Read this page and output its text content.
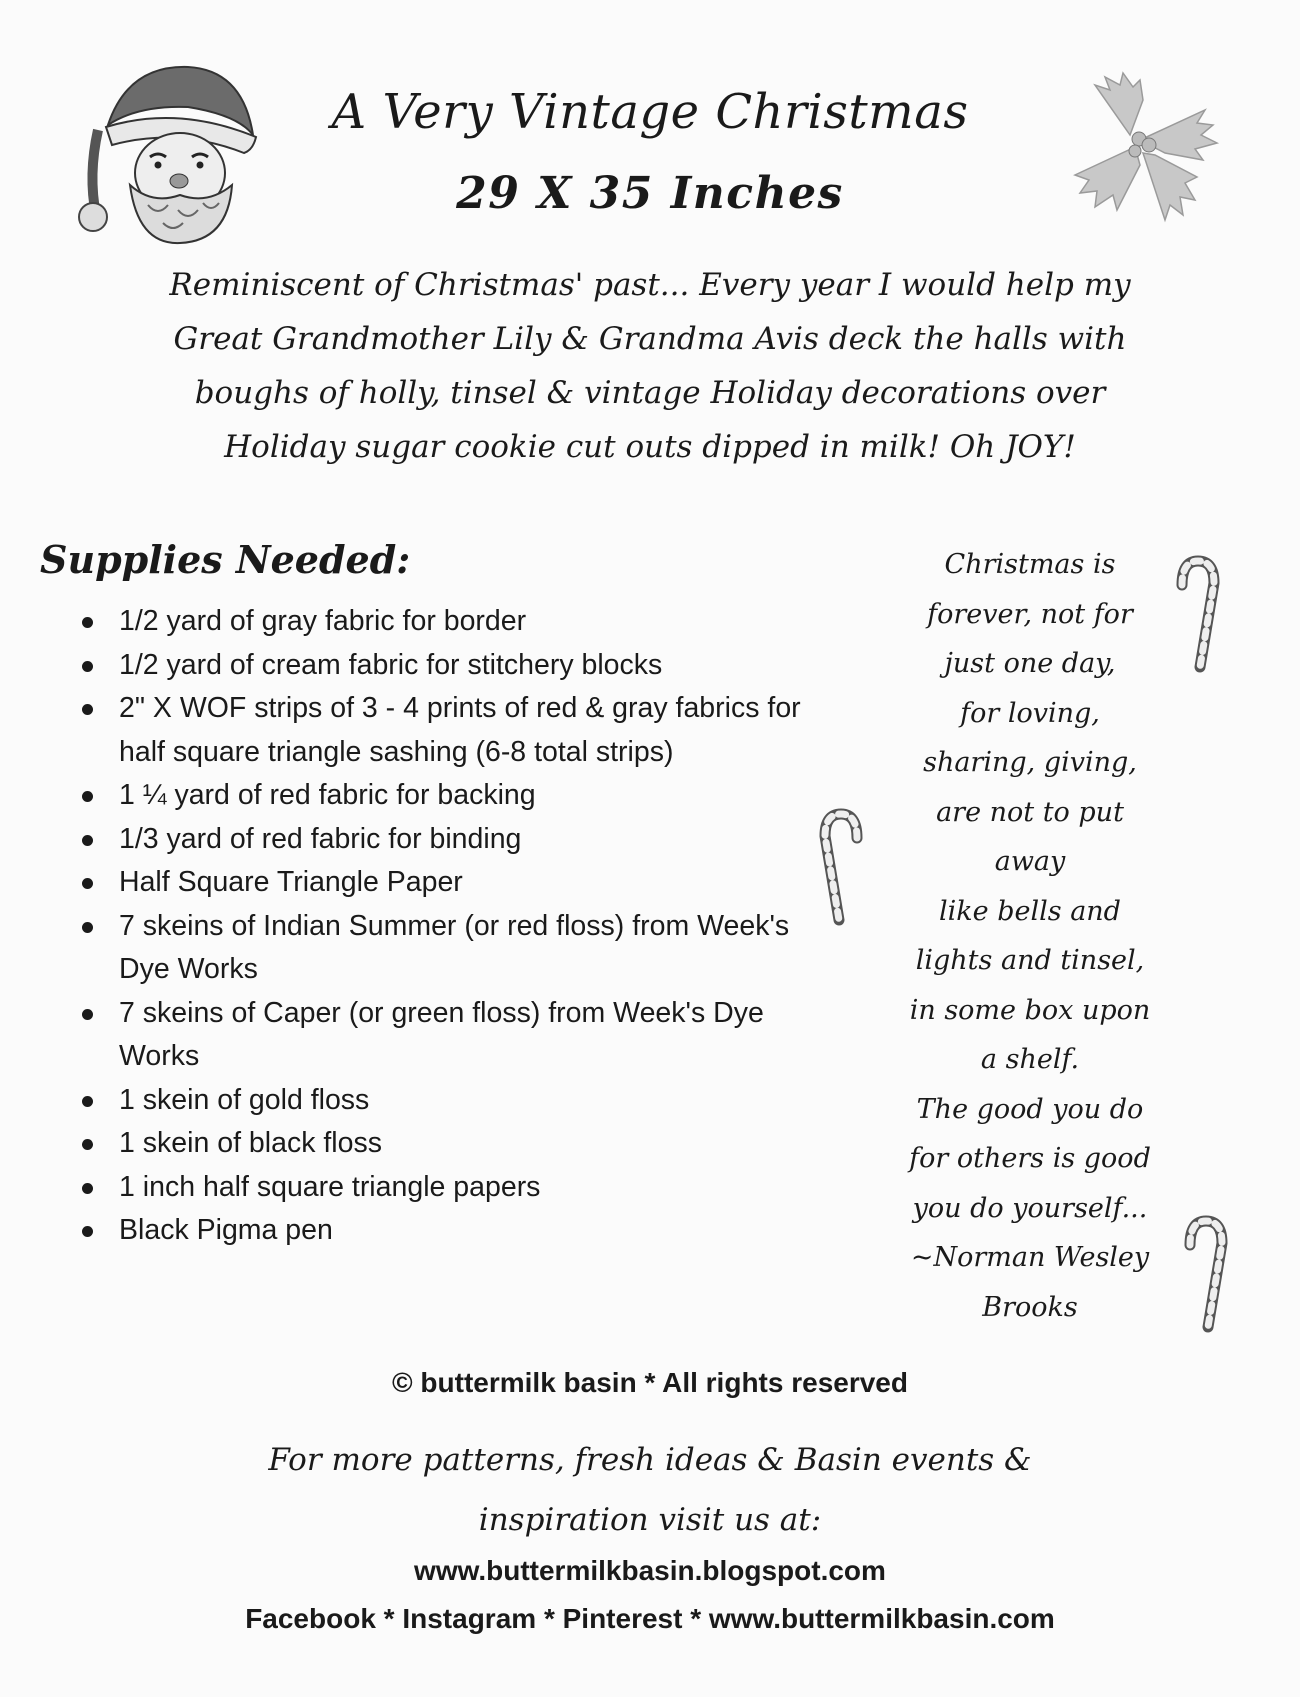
A Very Vintage Christmas
29 X 35 Inches

Reminiscent of Christmas' past... Every year I would help my
Great Grandmother Lily & Grandma Avis deck the halls with
boughs of holly, tinsel & vintage Holiday decorations over
Holiday sugar cookie cut outs dipped in milk! Oh JOY!

Supplies Needed:
1/2 yard of gray fabric for border
1/2 yard of cream fabric for stitchery blocks
2" X WOF strips of 3 - 4 prints of red & gray fabrics for half square triangle sashing (6-8 total strips)
1 ¼ yard of red fabric for backing
1/3 yard of red fabric for binding
Half Square Triangle Paper
7 skeins of Indian Summer (or red floss) from Week's Dye Works
7 skeins of Caper (or green floss) from Week's Dye Works
1 skein of gold floss
1 skein of black floss
1 inch half square triangle papers
Black Pigma pen

Christmas is
forever, not for
just one day,
for loving,
sharing, giving,
are not to put
away
like bells and
lights and tinsel,
in some box upon
a shelf.
The good you do
for others is good
you do yourself...
~Norman Wesley
Brooks

© buttermilk basin * All rights reserved

For more patterns, fresh ideas & Basin events &
inspiration visit us at:

www.buttermilkbasin.blogspot.com

Facebook * Instagram * Pinterest * www.buttermilkbasin.com
